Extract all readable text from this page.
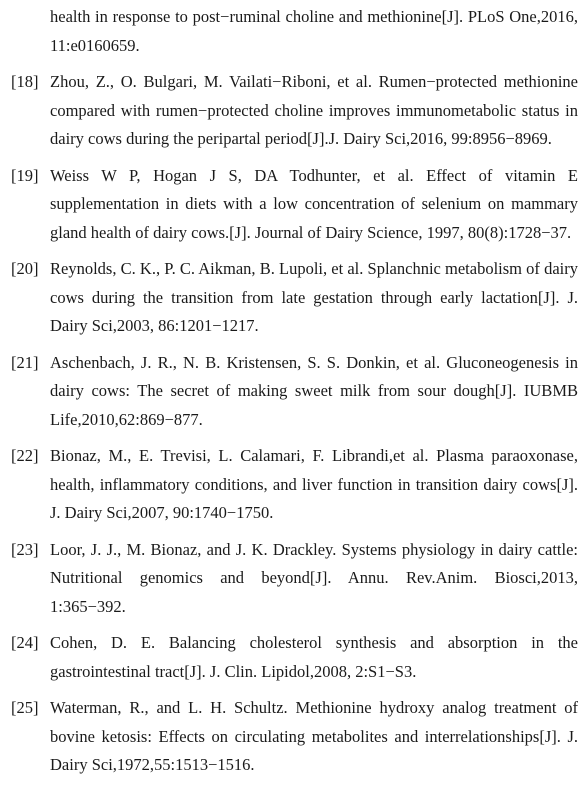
health in response to post−ruminal choline and methionine[J]. PLoS One,2016, 11:e0160659.
[18] Zhou, Z., O. Bulgari, M. Vailati−Riboni, et al. Rumen−protected methionine compared with rumen−protected choline improves immunometabolic status in dairy cows during the peripartal period[J].J. Dairy Sci,2016, 99:8956−8969.
[19] Weiss W P, Hogan J S, DA Todhunter, et al. Effect of vitamin E supplementation in diets with a low concentration of selenium on mammary gland health of dairy cows.[J]. Journal of Dairy Science, 1997, 80(8):1728−37.
[20] Reynolds, C. K., P. C. Aikman, B. Lupoli, et al. Splanchnic metabolism of dairy cows during the transition from late gestation through early lactation[J]. J. Dairy Sci,2003, 86:1201−1217.
[21] Aschenbach, J. R., N. B. Kristensen, S. S. Donkin, et al. Gluconeogenesis in dairy cows: The secret of making sweet milk from sour dough[J]. IUBMB Life,2010,62:869−877.
[22] Bionaz, M., E. Trevisi, L. Calamari, F. Librandi,et al. Plasma paraoxonase, health, inflammatory conditions, and liver function in transition dairy cows[J]. J. Dairy Sci,2007, 90:1740−1750.
[23] Loor, J. J., M. Bionaz, and J. K. Drackley. Systems physiology in dairy cattle: Nutritional genomics and beyond[J]. Annu. Rev.Anim. Biosci,2013, 1:365−392.
[24] Cohen, D. E. Balancing cholesterol synthesis and absorption in the gastrointestinal tract[J]. J. Clin. Lipidol,2008, 2:S1−S3.
[25] Waterman, R., and L. H. Schultz. Methionine hydroxy analog treatment of bovine ketosis: Effects on circulating metabolites and interrelationships[J]. J. Dairy Sci,1972,55:1513−1516.
